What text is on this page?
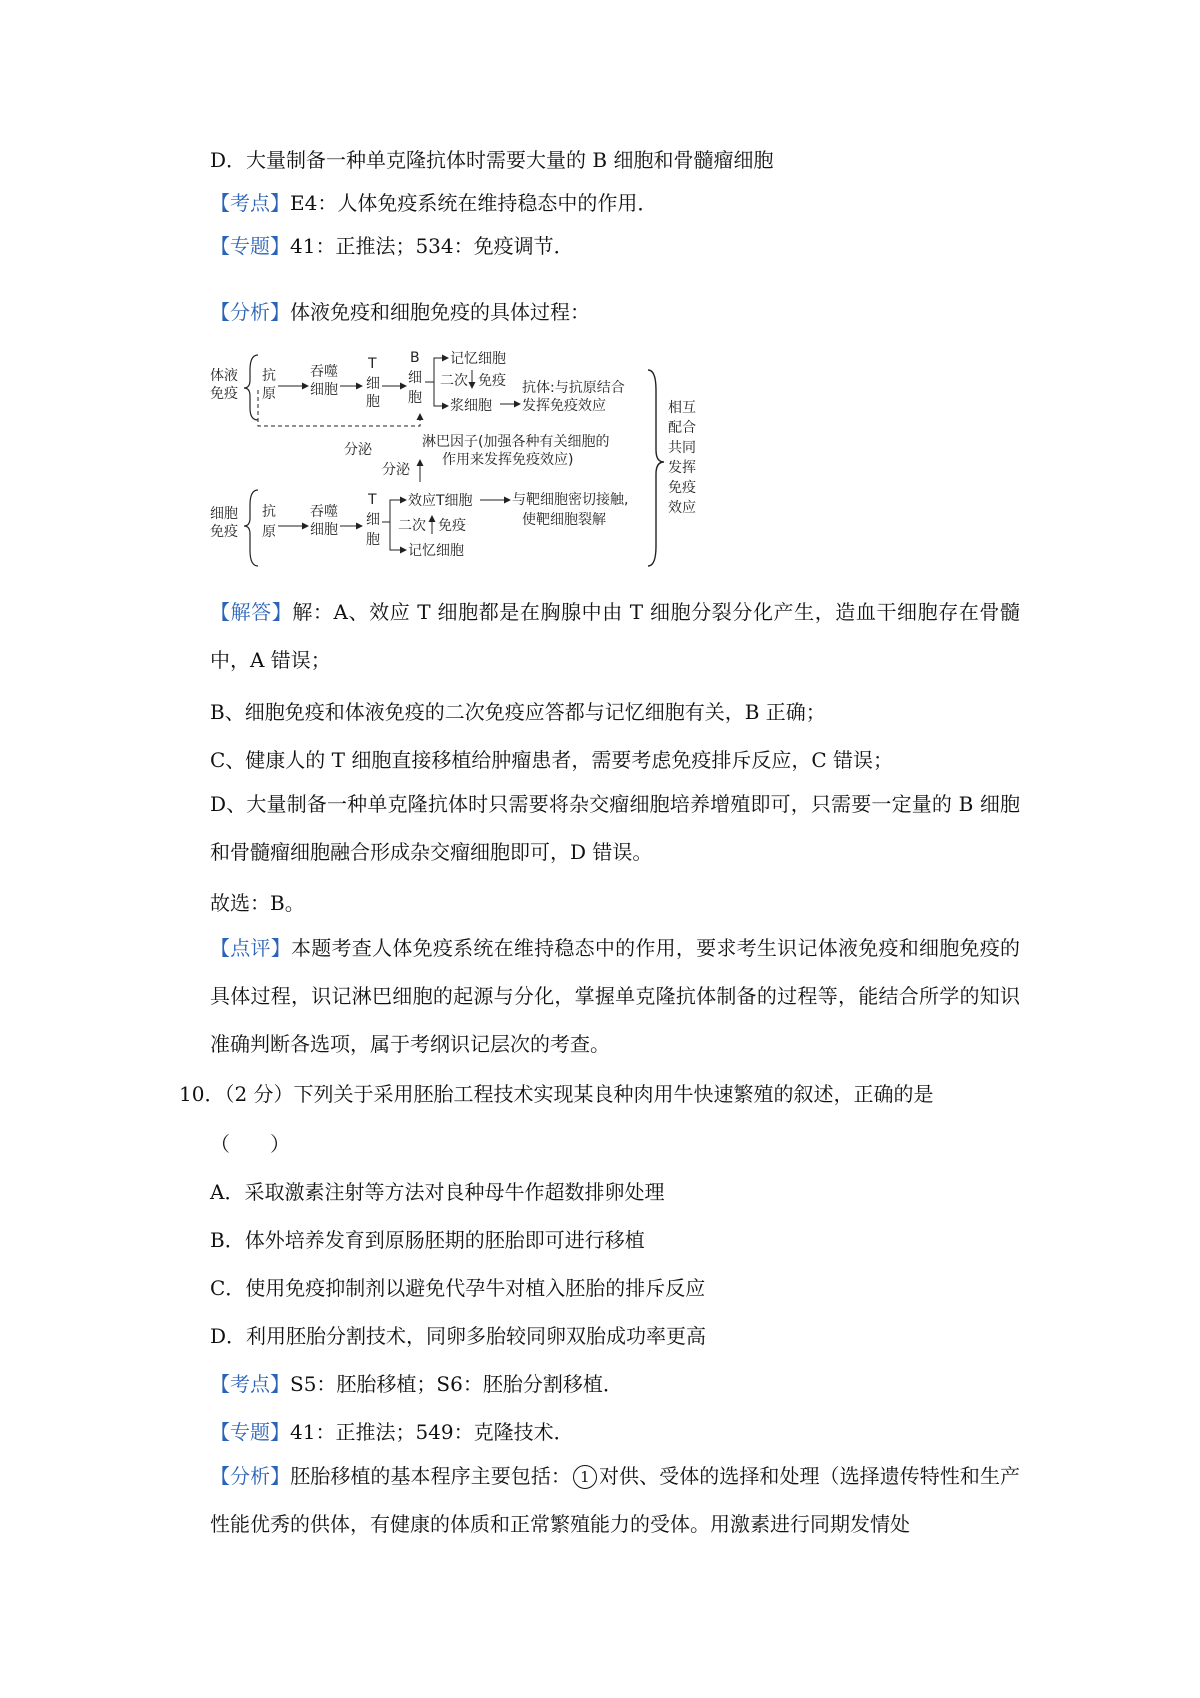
D．大量制备一种单克隆抗体时需要大量的 B 细胞和骨髓瘤细胞
【考点】E4：人体免疫系统在维持稳态中的作用．
【专题】41：正推法；534：免疫调节．
【分析】体液免疫和细胞免疫的具体过程：
体液
免疫
抗
原
吞噬
细胞
T
细
胞
B
细
胞
记忆细胞
二次 免疫
浆细胞
抗体:与抗原结合
发挥免疫效应
分泌	淋巴因子(加强各种有关细胞的
作用来发挥免疫效应)
分泌
细胞
免疫
抗
原
吞噬
细胞
T
细
胞
效应T细胞	与靶细胞密切接触,
使靶细胞裂解
二次 免疫
记忆细胞
相互
配合
共同
发挥
免疫
效应
【解答】解：A、效应 T 细胞都是在胸腺中由 T 细胞分裂分化产生，造血干细胞存在骨髓中，A 错误；
B、细胞免疫和体液免疫的二次免疫应答都与记忆细胞有关，B 正确；
C、健康人的 T 细胞直接移植给肿瘤患者，需要考虑免疫排斥反应，C 错误；
D、大量制备一种单克隆抗体时只需要将杂交瘤细胞培养增殖即可，只需要一定量的 B 细胞和骨髓瘤细胞融合形成杂交瘤细胞即可，D 错误。
故选：B。
【点评】本题考查人体免疫系统在维持稳态中的作用，要求考生识记体液免疫和细胞免疫的具体过程，识记淋巴细胞的起源与分化，掌握单克隆抗体制备的过程等，能结合所学的知识准确判断各选项，属于考纲识记层次的考查。
10．（2 分）下列关于采用胚胎工程技术实现某良种肉用牛快速繁殖的叙述，正确的是
（　　）
A．采取激素注射等方法对良种母牛作超数排卵处理
B．体外培养发育到原肠胚期的胚胎即可进行移植
C．使用免疫抑制剂以避免代孕牛对植入胚胎的排斥反应
D．利用胚胎分割技术，同卵多胎较同卵双胎成功率更高
【考点】S5：胚胎移植；S6：胚胎分割移植．
【专题】41：正推法；549：克隆技术．
【分析】胚胎移植的基本程序主要包括： 1 对供、受体的选择和处理（选择遗传特性和生产性能优秀的供体，有健康的体质和正常繁殖能力的受体。用激素进行同期发情处
